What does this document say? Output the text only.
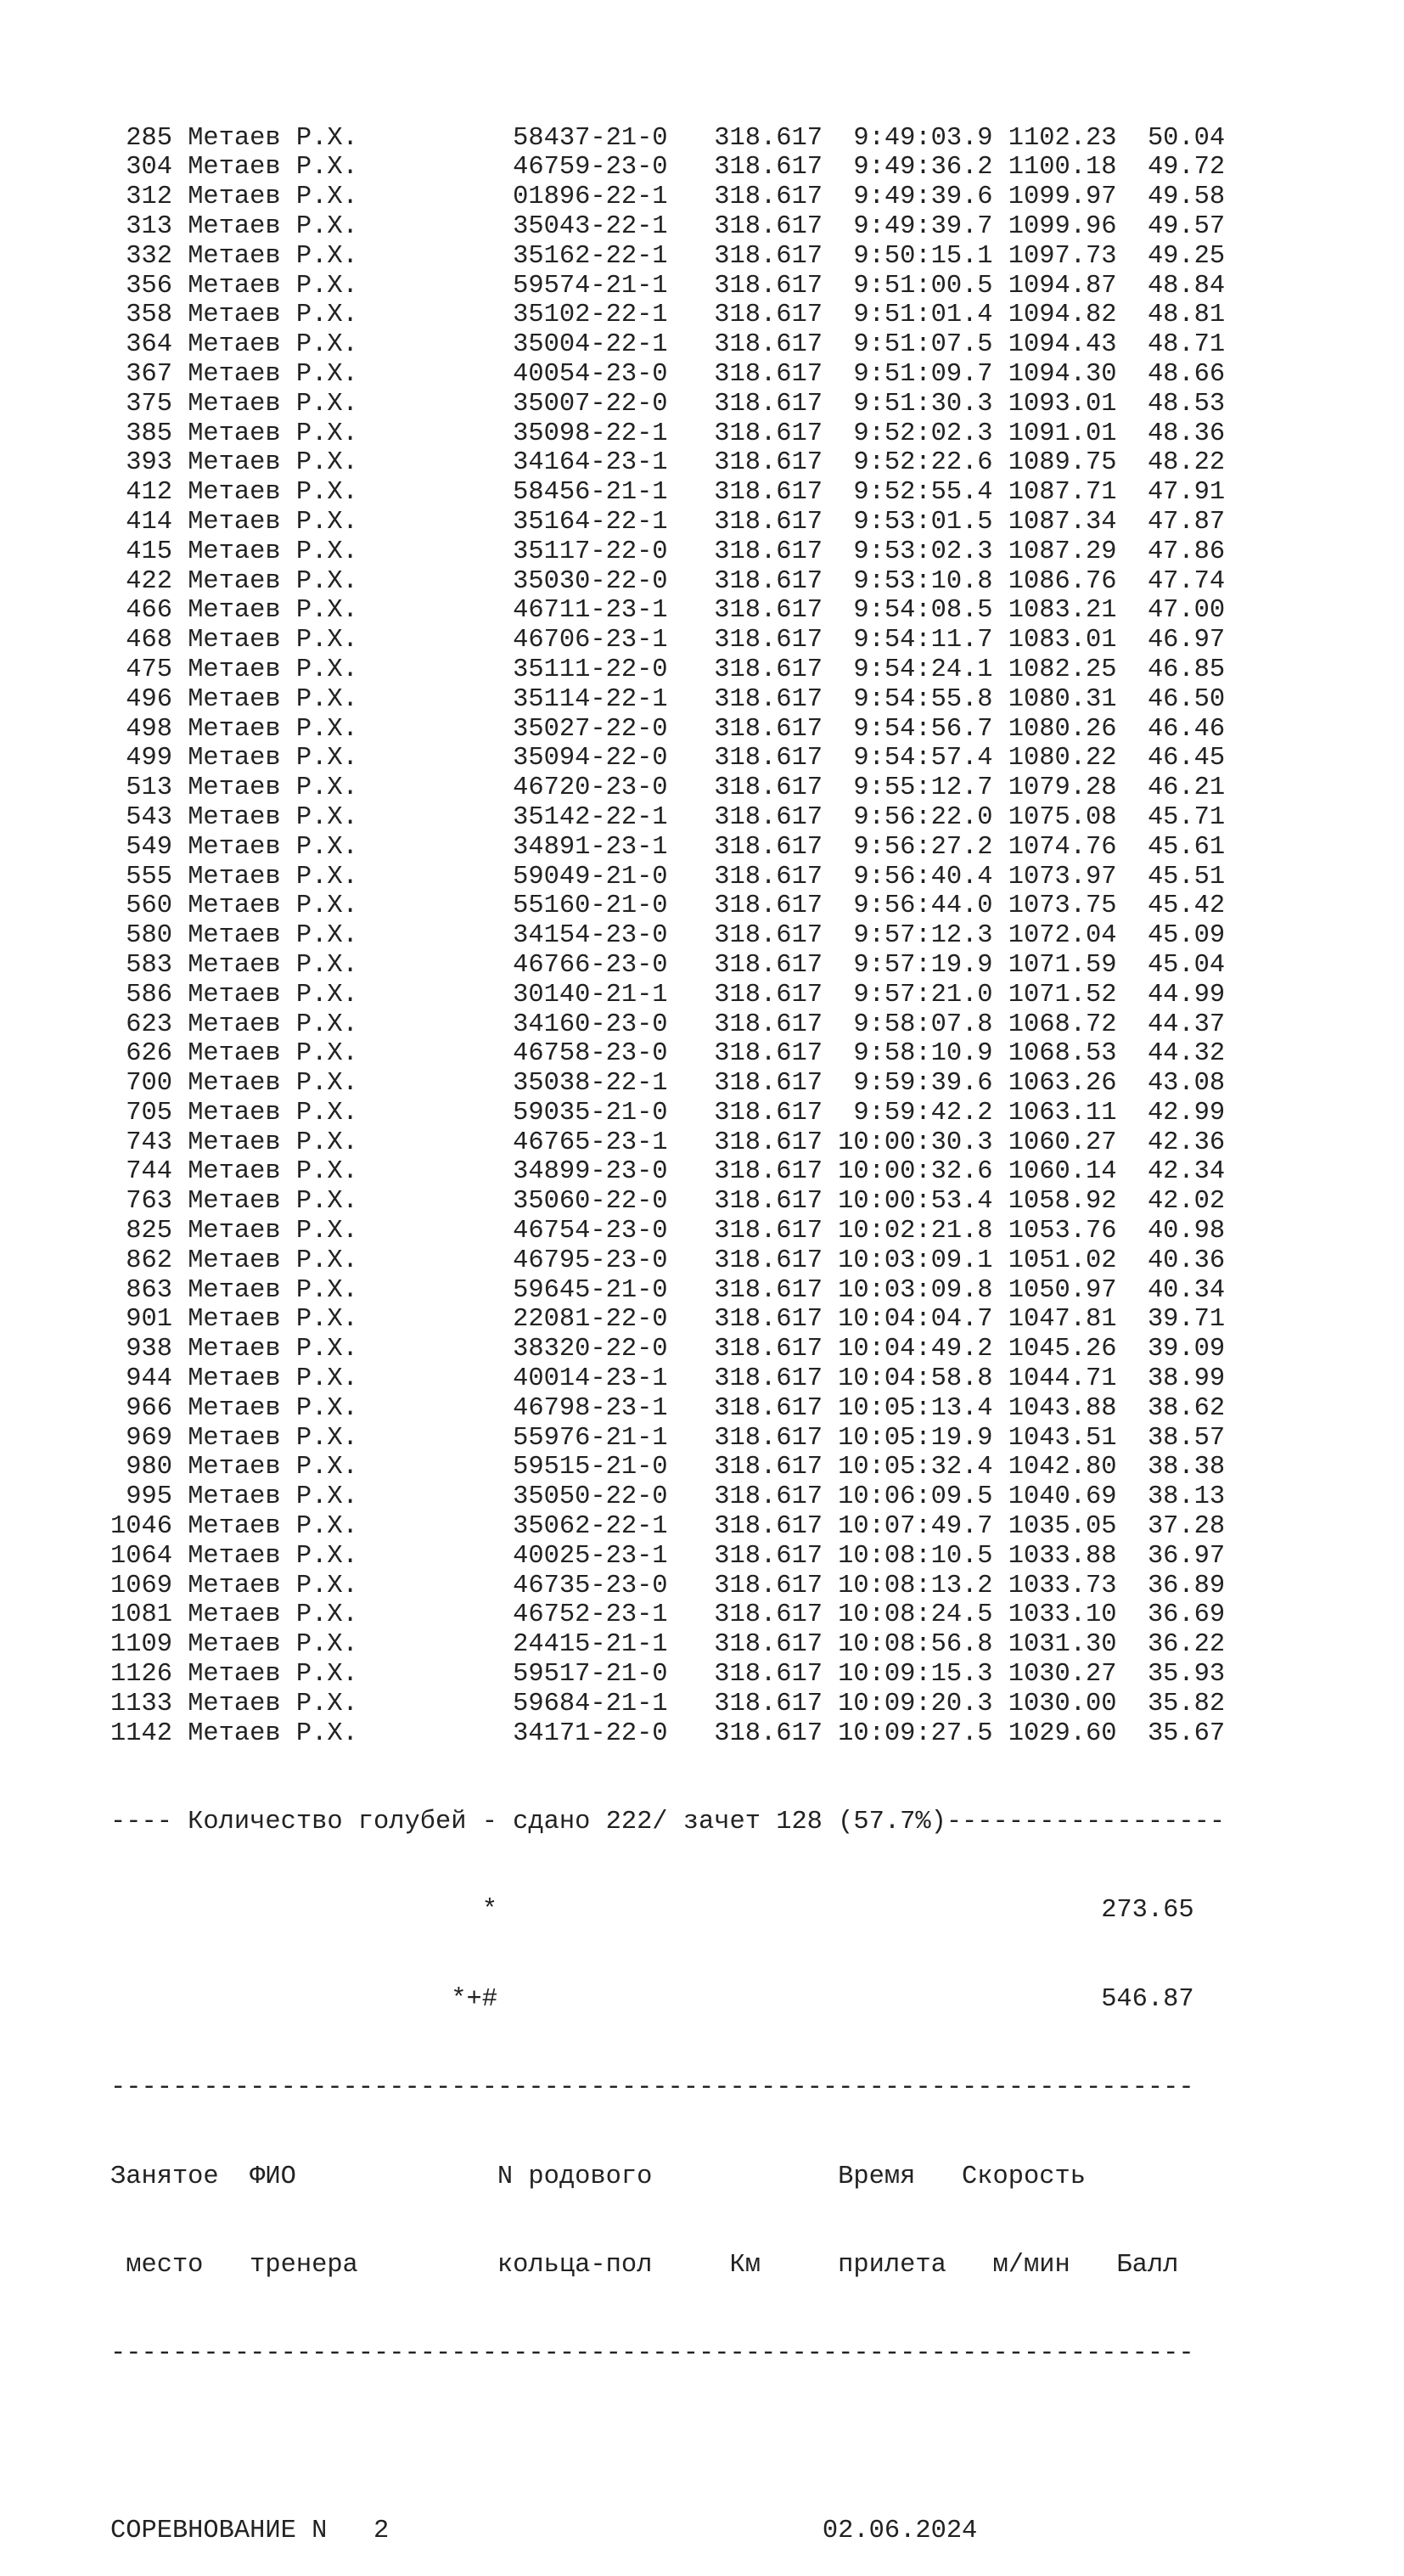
285 Метаев Р.Х.          58437-21-0   318.617  9:49:03.9 1102.23  50.04
304 Метаев Р.Х.          46759-23-0   318.617  9:49:36.2 1100.18  49.72
312 Метаев Р.Х.          01896-22-1   318.617  9:49:39.6 1099.97  49.58
313 Метаев Р.Х.          35043-22-1   318.617  9:49:39.7 1099.96  49.57
332 Метаев Р.Х.          35162-22-1   318.617  9:50:15.1 1097.73  49.25
356 Метаев Р.Х.          59574-21-1   318.617  9:51:00.5 1094.87  48.84
358 Метаев Р.Х.          35102-22-1   318.617  9:51:01.4 1094.82  48.81
364 Метаев Р.Х.          35004-22-1   318.617  9:51:07.5 1094.43  48.71
367 Метаев Р.Х.          40054-23-0   318.617  9:51:09.7 1094.30  48.66
375 Метаев Р.Х.          35007-22-0   318.617  9:51:30.3 1093.01  48.53
385 Метаев Р.Х.          35098-22-1   318.617  9:52:02.3 1091.01  48.36
393 Метаев Р.Х.          34164-23-1   318.617  9:52:22.6 1089.75  48.22
412 Метаев Р.Х.          58456-21-1   318.617  9:52:55.4 1087.71  47.91
414 Метаев Р.Х.          35164-22-1   318.617  9:53:01.5 1087.34  47.87
415 Метаев Р.Х.          35117-22-0   318.617  9:53:02.3 1087.29  47.86
422 Метаев Р.Х.          35030-22-0   318.617  9:53:10.8 1086.76  47.74
466 Метаев Р.Х.          46711-23-1   318.617  9:54:08.5 1083.21  47.00
468 Метаев Р.Х.          46706-23-1   318.617  9:54:11.7 1083.01  46.97
475 Метаев Р.Х.          35111-22-0   318.617  9:54:24.1 1082.25  46.85
496 Метаев Р.Х.          35114-22-1   318.617  9:54:55.8 1080.31  46.50
498 Метаев Р.Х.          35027-22-0   318.617  9:54:56.7 1080.26  46.46
499 Метаев Р.Х.          35094-22-0   318.617  9:54:57.4 1080.22  46.45
513 Метаев Р.Х.          46720-23-0   318.617  9:55:12.7 1079.28  46.21
543 Метаев Р.Х.          35142-22-1   318.617  9:56:22.0 1075.08  45.71
549 Метаев Р.Х.          34891-23-1   318.617  9:56:27.2 1074.76  45.61
555 Метаев Р.Х.          59049-21-0   318.617  9:56:40.4 1073.97  45.51
560 Метаев Р.Х.          55160-21-0   318.617  9:56:44.0 1073.75  45.42
580 Метаев Р.Х.          34154-23-0   318.617  9:57:12.3 1072.04  45.09
583 Метаев Р.Х.          46766-23-0   318.617  9:57:19.9 1071.59  45.04
586 Метаев Р.Х.          30140-21-1   318.617  9:57:21.0 1071.52  44.99
623 Метаев Р.Х.          34160-23-0   318.617  9:58:07.8 1068.72  44.37
626 Метаев Р.Х.          46758-23-0   318.617  9:58:10.9 1068.53  44.32
700 Метаев Р.Х.          35038-22-1   318.617  9:59:39.6 1063.26  43.08
705 Метаев Р.Х.          59035-21-0   318.617  9:59:42.2 1063.11  42.99
743 Метаев Р.Х.          46765-23-1   318.617 10:00:30.3 1060.27  42.36
744 Метаев Р.Х.          34899-23-0   318.617 10:00:32.6 1060.14  42.34
763 Метаев Р.Х.          35060-22-0   318.617 10:00:53.4 1058.92  42.02
825 Метаев Р.Х.          46754-23-0   318.617 10:02:21.8 1053.76  40.98
862 Метаев Р.Х.          46795-23-0   318.617 10:03:09.1 1051.02  40.36
863 Метаев Р.Х.          59645-21-0   318.617 10:03:09.8 1050.97  40.34
901 Метаев Р.Х.          22081-22-0   318.617 10:04:04.7 1047.81  39.71
938 Метаев Р.Х.          38320-22-0   318.617 10:04:49.2 1045.26  39.09
944 Метаев Р.Х.          40014-23-1   318.617 10:04:58.8 1044.71  38.99
966 Метаев Р.Х.          46798-23-1   318.617 10:05:13.4 1043.88  38.62
969 Метаев Р.Х.          55976-21-1   318.617 10:05:19.9 1043.51  38.57
980 Метаев Р.Х.          59515-21-0   318.617 10:05:32.4 1042.80  38.38
995 Метаев Р.Х.          35050-22-0   318.617 10:06:09.5 1040.69  38.13
1046 Метаев Р.Х.          35062-22-1   318.617 10:07:49.7 1035.05  37.28
1064 Метаев Р.Х.          40025-23-1   318.617 10:08:10.5 1033.88  36.97
1069 Метаев Р.Х.          46735-23-0   318.617 10:08:13.2 1033.73  36.89
1081 Метаев Р.Х.          46752-23-1   318.617 10:08:24.5 1033.10  36.69
1109 Метаев Р.Х.          24415-21-1   318.617 10:08:56.8 1031.30  36.22
1126 Метаев Р.Х.          59517-21-0   318.617 10:09:15.3 1030.27  35.93
1133 Метаев Р.Х.          59684-21-1   318.617 10:09:20.3 1030.00  35.82
1142 Метаев Р.Х.          34171-22-0   318.617 10:09:27.5 1029.60  35.67

---- Количество голубей - сдано 222/ зачет 128 (57.7%)------------------

*                                       273.65

*+#                                       546.87

----------------------------------------------------------------------

Занятое  ФИО             N родового            Время   Скорость

место   тренера         кольца-пол     Км     прилета   м/мин   Балл

----------------------------------------------------------------------

СОРЕВНОВАНИЕ N   2                            02.06.2024
